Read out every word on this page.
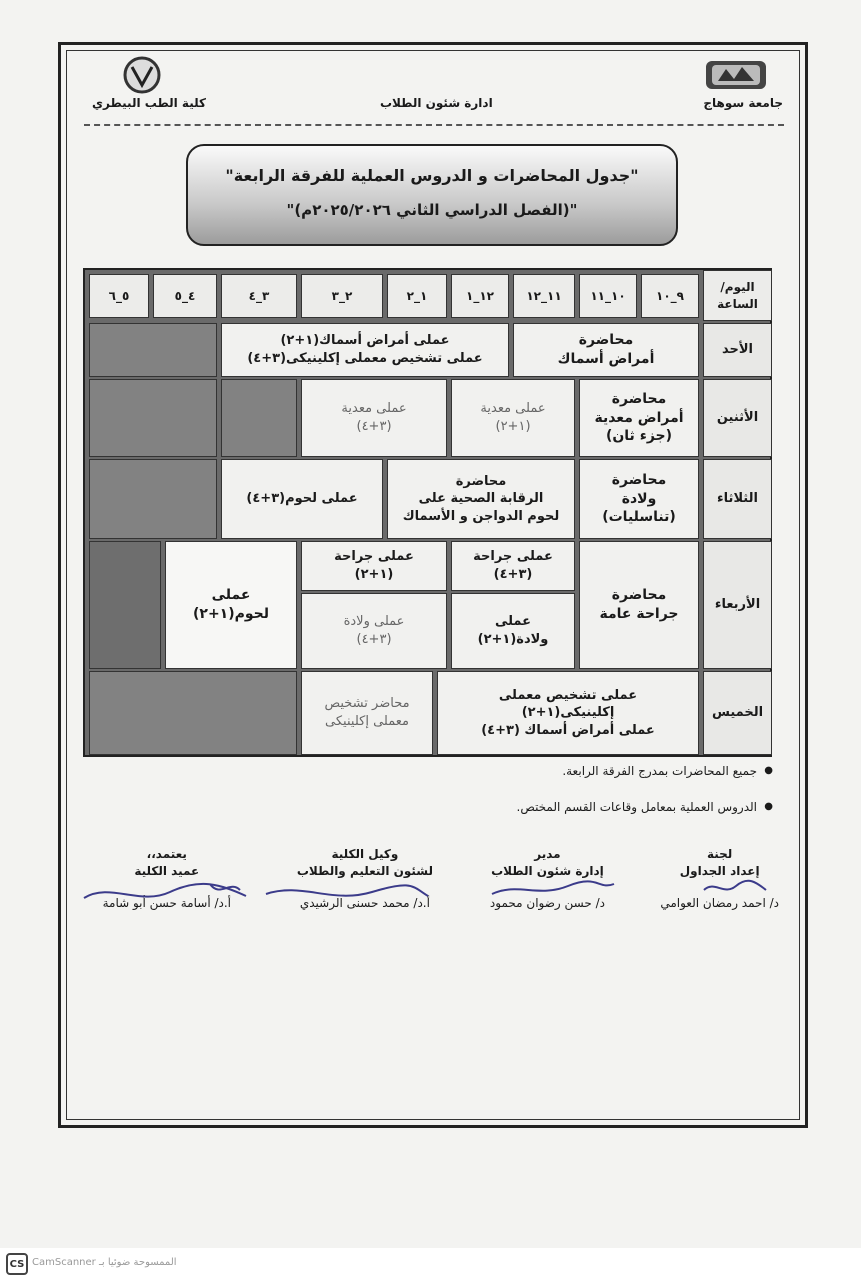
جامعة سوهاج
ادارة شئون الطلاب
كلية الطب البيطري
"جدول المحاضرات و الدروس العملية للفرقة الرابعة"
"(الفصل الدراسي الثاني ٢٠٢٥/٢٠٢٦م)"
اليوم/
الساعة
٩_١٠
١٠_١١
١١_١٢
١٢_١
١_٢
٢_٣
٣_٤
٤_٥
٥_٦
الأحد
محاضرة
أمراض أسماك
عملى أمراض أسماك(١+٢)
عملى تشخيص معملى إكلينيكى(٣+٤)
الأثنين
محاضرة
أمراض معدية
(جزء ثان)
عملى معدية
(١+٢)
عملى معدية
(٣+٤)
الثلاثاء
محاضرة
ولادة
(تناسليات)
محاضرة
الرقابة الصحية على
لحوم الدواجن و الأسماك
عملى لحوم(٣+٤)
الأربعاء
محاضرة
جراحة عامة
عملى جراحة
(٣+٤)
عملى جراحة
(١+٢)
عملى
ولادة(١+٢)
عملى ولادة
(٣+٤)
عملى
لحوم(١+٢)
الخميس
عملى تشخيص معملى
إكلينيكى(١+٢)
عملى أمراض أسماك (٣+٤)
محاضر تشخيص
معملى إكلينيكى
● جميع المحاضرات بمدرج الفرقة الرابعة.
● الدروس العملية بمعامل وقاعات القسم المختص.
لجنة
إعداد الجداول
د/ احمد رمضان العوامي
مدير
إدارة شئون الطلاب
د/ حسن رضوان محمود
وكيل الكلية
لشئون التعليم والطلاب
أ.د/ محمد حسنى الرشيدي
يعتمد،،
عميد الكلية
أ.د/ أسامة حسن أبو شامة
CS الممسوحة ضوئيا بـ CamScanner
